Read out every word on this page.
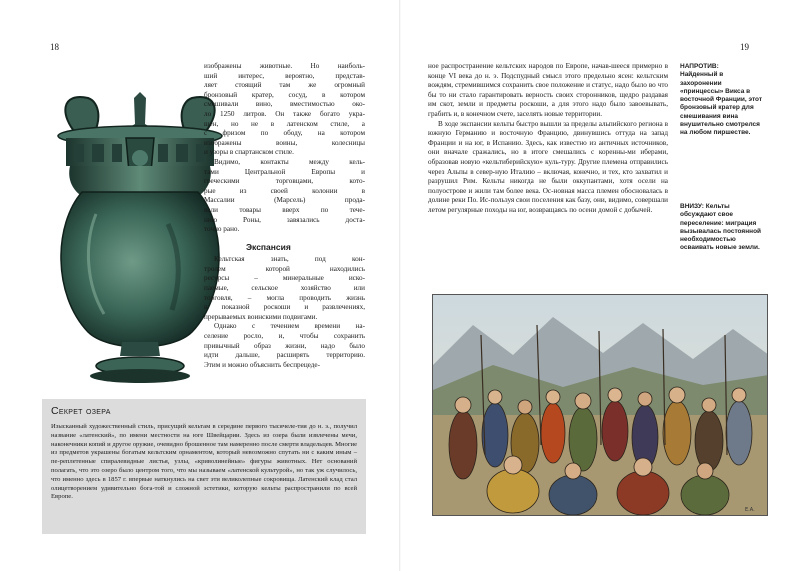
18	19
изображены животные. Но наиболь-
ший интерес, вероятно, представ-
ляет стоящий там же огромный
бронзовый кратер, сосуд, в котором
смешивали вино, вместимостью око-
ло 1250 литров. Он также богато укра-
шен, но не в латенском стиле, а
с фризом по ободу, на котором
изображены воины, колесницы
и узоры в спартанском стиле.
Видимо, контакты между кель-
тами Центральной Европы и
греческими торговцами, кото-
рые из своей колонии в
Массалии (Марсель) прода-
вали товары вверх по тече-
нию Роны, завязались доста-
точно рано.
Экспансия
Кельтская знать, под кон-
тролем которой находились
ресурсы – минеральные иско-
паемые, сельское хозяйство или
торговля, – могла проводить жизнь
в показной роскоши и развлечениях,
прерываемых воинскими подвигами.
Однако с течением времени на-
селение росло, и, чтобы сохранить
привычный образ жизни, надо было
идти дальше, расширять территорию.
Этим и можно объяснить беспрецеде-
Секрет озера
Изысканный художественный стиль, присущий кельтам в середине первого тысячеле-тия до н. э., получил название «латенский», по имени местности на юге Швейцарии. Здесь из озера были извлечены мечи, наконечники копий и другое оружие, очевидно брошенное там намеренно после смерти владельцев. Многие из предметов украшены богатым кельтским орнаментом, который невозможно спутать ни с каким иным – пе-реплетенные спиралевидные листья, узлы, «криволинейные» фигуры животных. Нет оснований полагать, что это озеро было центром того, что мы называем «латенской культурой», но так уж случилось, что именно здесь в 1857 г. впервые наткнулись на свет эти великолепные сокровища. Латенский клад стал олицетворением удивительно бога-той и сложной эстетики, которую кельты распространили по всей Европе.

ное распространение кельтских народов по Европе, начав-шееся примерно в конце VI века до н. э. Подспудный смысл этого предельно ясен: кельтским вождям, стремившимся сохранить свое положение и статус, надо было во что бы то ни стало гарантировать верность своих сторонников, щедро раздавая им скот, земли и предметы роскоши, а для этого надо было завоевывать, грабить и, в конечном счете, заселять новые территории.

В ходе экспансии кельты быстро вышли за пределы альпийского региона в южную Германию и восточную Францию, двинувшись оттуда на запад Франции и на юг, в Испанию. Здесь, как известно из античных источников, они вначале сражались, но в итоге смешались с коренны-ми иберами, образовав новую «кельтиберийскую» куль-туру. Другие племена отправились через Альпы в север-ную Италию – включая, конечно, и тех, кто захватил и разрушил Рим. Кельты никогда не были оккупантами, хотя осели на полуострове и жили там более века. Ос-новная масса племен обосновалась в долине реки По. Ис-пользуя свои поселения как базу, они, видимо, совершали летом регулярные походы на юг, возвращаясь по осени домой с добычей.

НАПРОТИВ:
Найденный в захоронении «принцессы» Викса в восточной Франции, этот бронзовый кратер для смешивания вина внушительно смотрелся на любом пиршестве.
ВНИЗУ: Кельты обсуждают свое переселение: миграция вызывалась постоянной необходимостью осваивать новые земли.
E.A.
